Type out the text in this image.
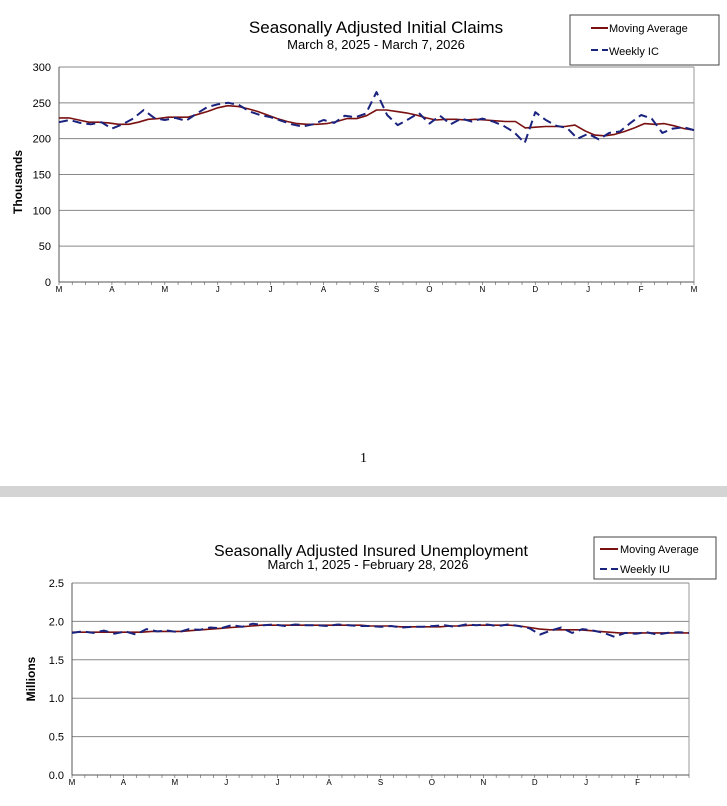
Seasonally Adjusted Initial Claims
March 8, 2025 - March 7, 2026
Moving Average
Weekly IC
Thousands
0
50
100
150
200
250
300
M	A	M	J	J	A	S	O	N	D	J	F	M
1
Seasonally Adjusted Insured Unemployment
March 1, 2025 - February 28, 2026
Moving Average
Weekly IU
Millions
0.0
0.5
1.0
1.5
2.0
2.5
M	A	M	J	J	A	S	O	N	D	J	F
